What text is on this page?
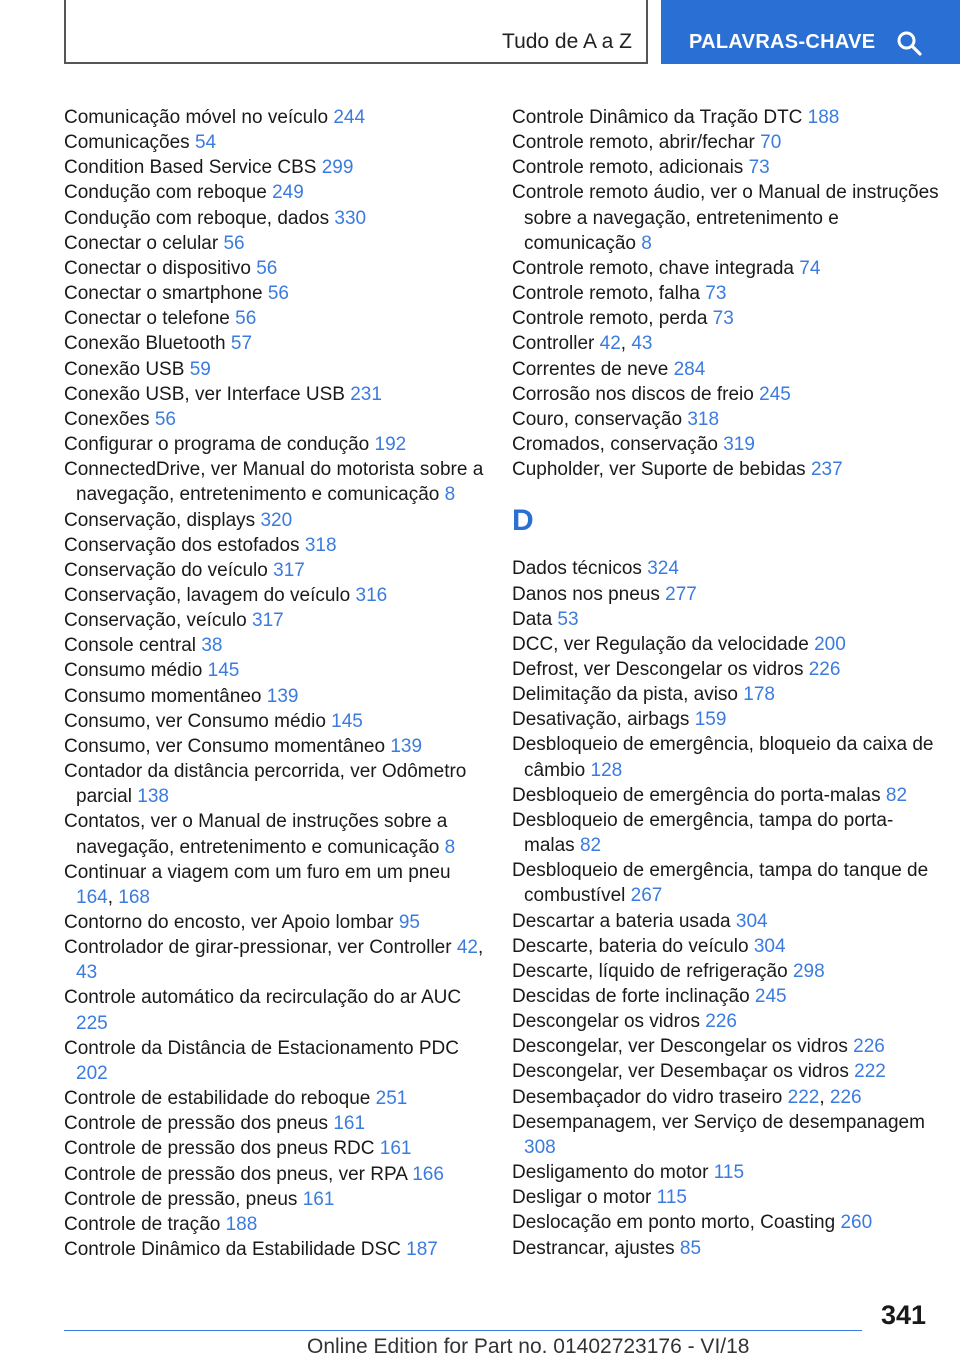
Tudo de A a Z	PALAVRAS-CHAVE

Comunicação móvel no veículo 244

Comunicações 54

Condition Based Service CBS 299

Condução com reboque 249

Condução com reboque, dados 330

Conectar o celular 56

Conectar o dispositivo 56

Conectar o smartphone 56

Conectar o telefone 56

Conexão Bluetooth 57

Conexão USB 59

Conexão USB, ver Interface USB 231

Conexões 56

Configurar o programa de condução 192

ConnectedDrive, ver Manual do motorista sobre a navegação, entretenimento e comunicação 8

Conservação, displays 320

Conservação dos estofados 318

Conservação do veículo 317

Conservação, lavagem do veículo 316

Conservação, veículo 317

Console central 38

Consumo médio 145

Consumo momentâneo 139

Consumo, ver Consumo médio 145

Consumo, ver Consumo momentâneo 139

Contador da distância percorrida, ver Odômetro parcial 138

Contatos, ver o Manual de instruções sobre a navegação, entretenimento e comunicação 8

Continuar a viagem com um furo em um pneu 164, 168

Contorno do encosto, ver Apoio lombar 95

Controlador de girar-pressionar, ver Controller 42, 43

Controle automático da recirculação do ar AUC 225

Controle da Distância de Estacionamento PDC 202

Controle de estabilidade do reboque 251

Controle de pressão dos pneus 161

Controle de pressão dos pneus RDC 161

Controle de pressão dos pneus, ver RPA 166

Controle de pressão, pneus 161

Controle de tração 188

Controle Dinâmico da Estabilidade DSC 187

Controle Dinâmico da Tração DTC 188

Controle remoto, abrir/fechar 70

Controle remoto, adicionais 73

Controle remoto áudio, ver o Manual de instruções sobre a navegação, entretenimento e comunicação 8

Controle remoto, chave integrada 74

Controle remoto, falha 73

Controle remoto, perda 73

Controller 42, 43

Correntes de neve 284

Corrosão nos discos de freio 245

Couro, conservação 318

Cromados, conservação 319

Cupholder, ver Suporte de bebidas 237

D

Dados técnicos 324

Danos nos pneus 277

Data 53

DCC, ver Regulação da velocidade 200

Defrost, ver Descongelar os vidros 226

Delimitação da pista, aviso 178

Desativação, airbags 159

Desbloqueio de emergência, bloqueio da caixa de câmbio 128

Desbloqueio de emergência do porta-malas 82

Desbloqueio de emergência, tampa do porta-malas 82

Desbloqueio de emergência, tampa do tanque de combustível 267

Descartar a bateria usada 304

Descarte, bateria do veículo 304

Descarte, líquido de refrigeração 298

Descidas de forte inclinação 245

Descongelar os vidros 226

Descongelar, ver Descongelar os vidros 226

Descongelar, ver Desembaçar os vidros 222

Desembaçador do vidro traseiro 222, 226

Desempanagem, ver Serviço de desempanagem 308

Desligamento do motor 115

Desligar o motor 115

Deslocação em ponto morto, Coasting 260

Destrancar, ajustes 85

341
Online Edition for Part no. 01402723176 - VI/18
